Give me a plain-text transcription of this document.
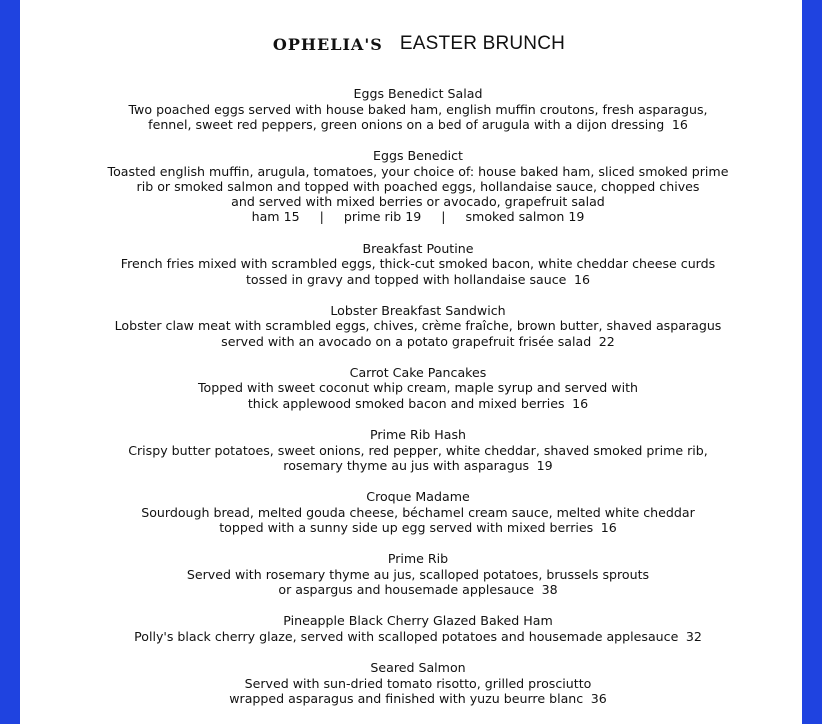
OPHELIA'S EASTER BRUNCH
Eggs Benedict Salad
Two poached eggs served with house baked ham, english muffin croutons, fresh asparagus,
fennel, sweet red peppers, green onions on a bed of arugula with a dijon dressing 16
Eggs Benedict
Toasted english muffin, arugula, tomatoes, your choice of: house baked ham, sliced smoked prime
rib or smoked salmon and topped with poached eggs, hollandaise sauce, chopped chives
and served with mixed berries or avocado, grapefruit salad
ham 15 | prime rib 19 | smoked salmon 19
Breakfast Poutine
French fries mixed with scrambled eggs, thick-cut smoked bacon, white cheddar cheese curds
tossed in gravy and topped with hollandaise sauce 16
Lobster Breakfast Sandwich
Lobster claw meat with scrambled eggs, chives, crème fraîche, brown butter, shaved asparagus
served with an avocado on a potato grapefruit frisée salad 22
Carrot Cake Pancakes
Topped with sweet coconut whip cream, maple syrup and served with
thick applewood smoked bacon and mixed berries 16
Prime Rib Hash
Crispy butter potatoes, sweet onions, red pepper, white cheddar, shaved smoked prime rib,
rosemary thyme au jus with asparagus 19
Croque Madame
Sourdough bread, melted gouda cheese, béchamel cream sauce, melted white cheddar
topped with a sunny side up egg served with mixed berries 16
Prime Rib
Served with rosemary thyme au jus, scalloped potatoes, brussels sprouts
or aspargus and housemade applesauce 38
Pineapple Black Cherry Glazed Baked Ham
Polly's black cherry glaze, served with scalloped potatoes and housemade applesauce 32
Seared Salmon
Served with sun-dried tomato risotto, grilled prosciutto
wrapped asparagus and finished with yuzu beurre blanc 36
